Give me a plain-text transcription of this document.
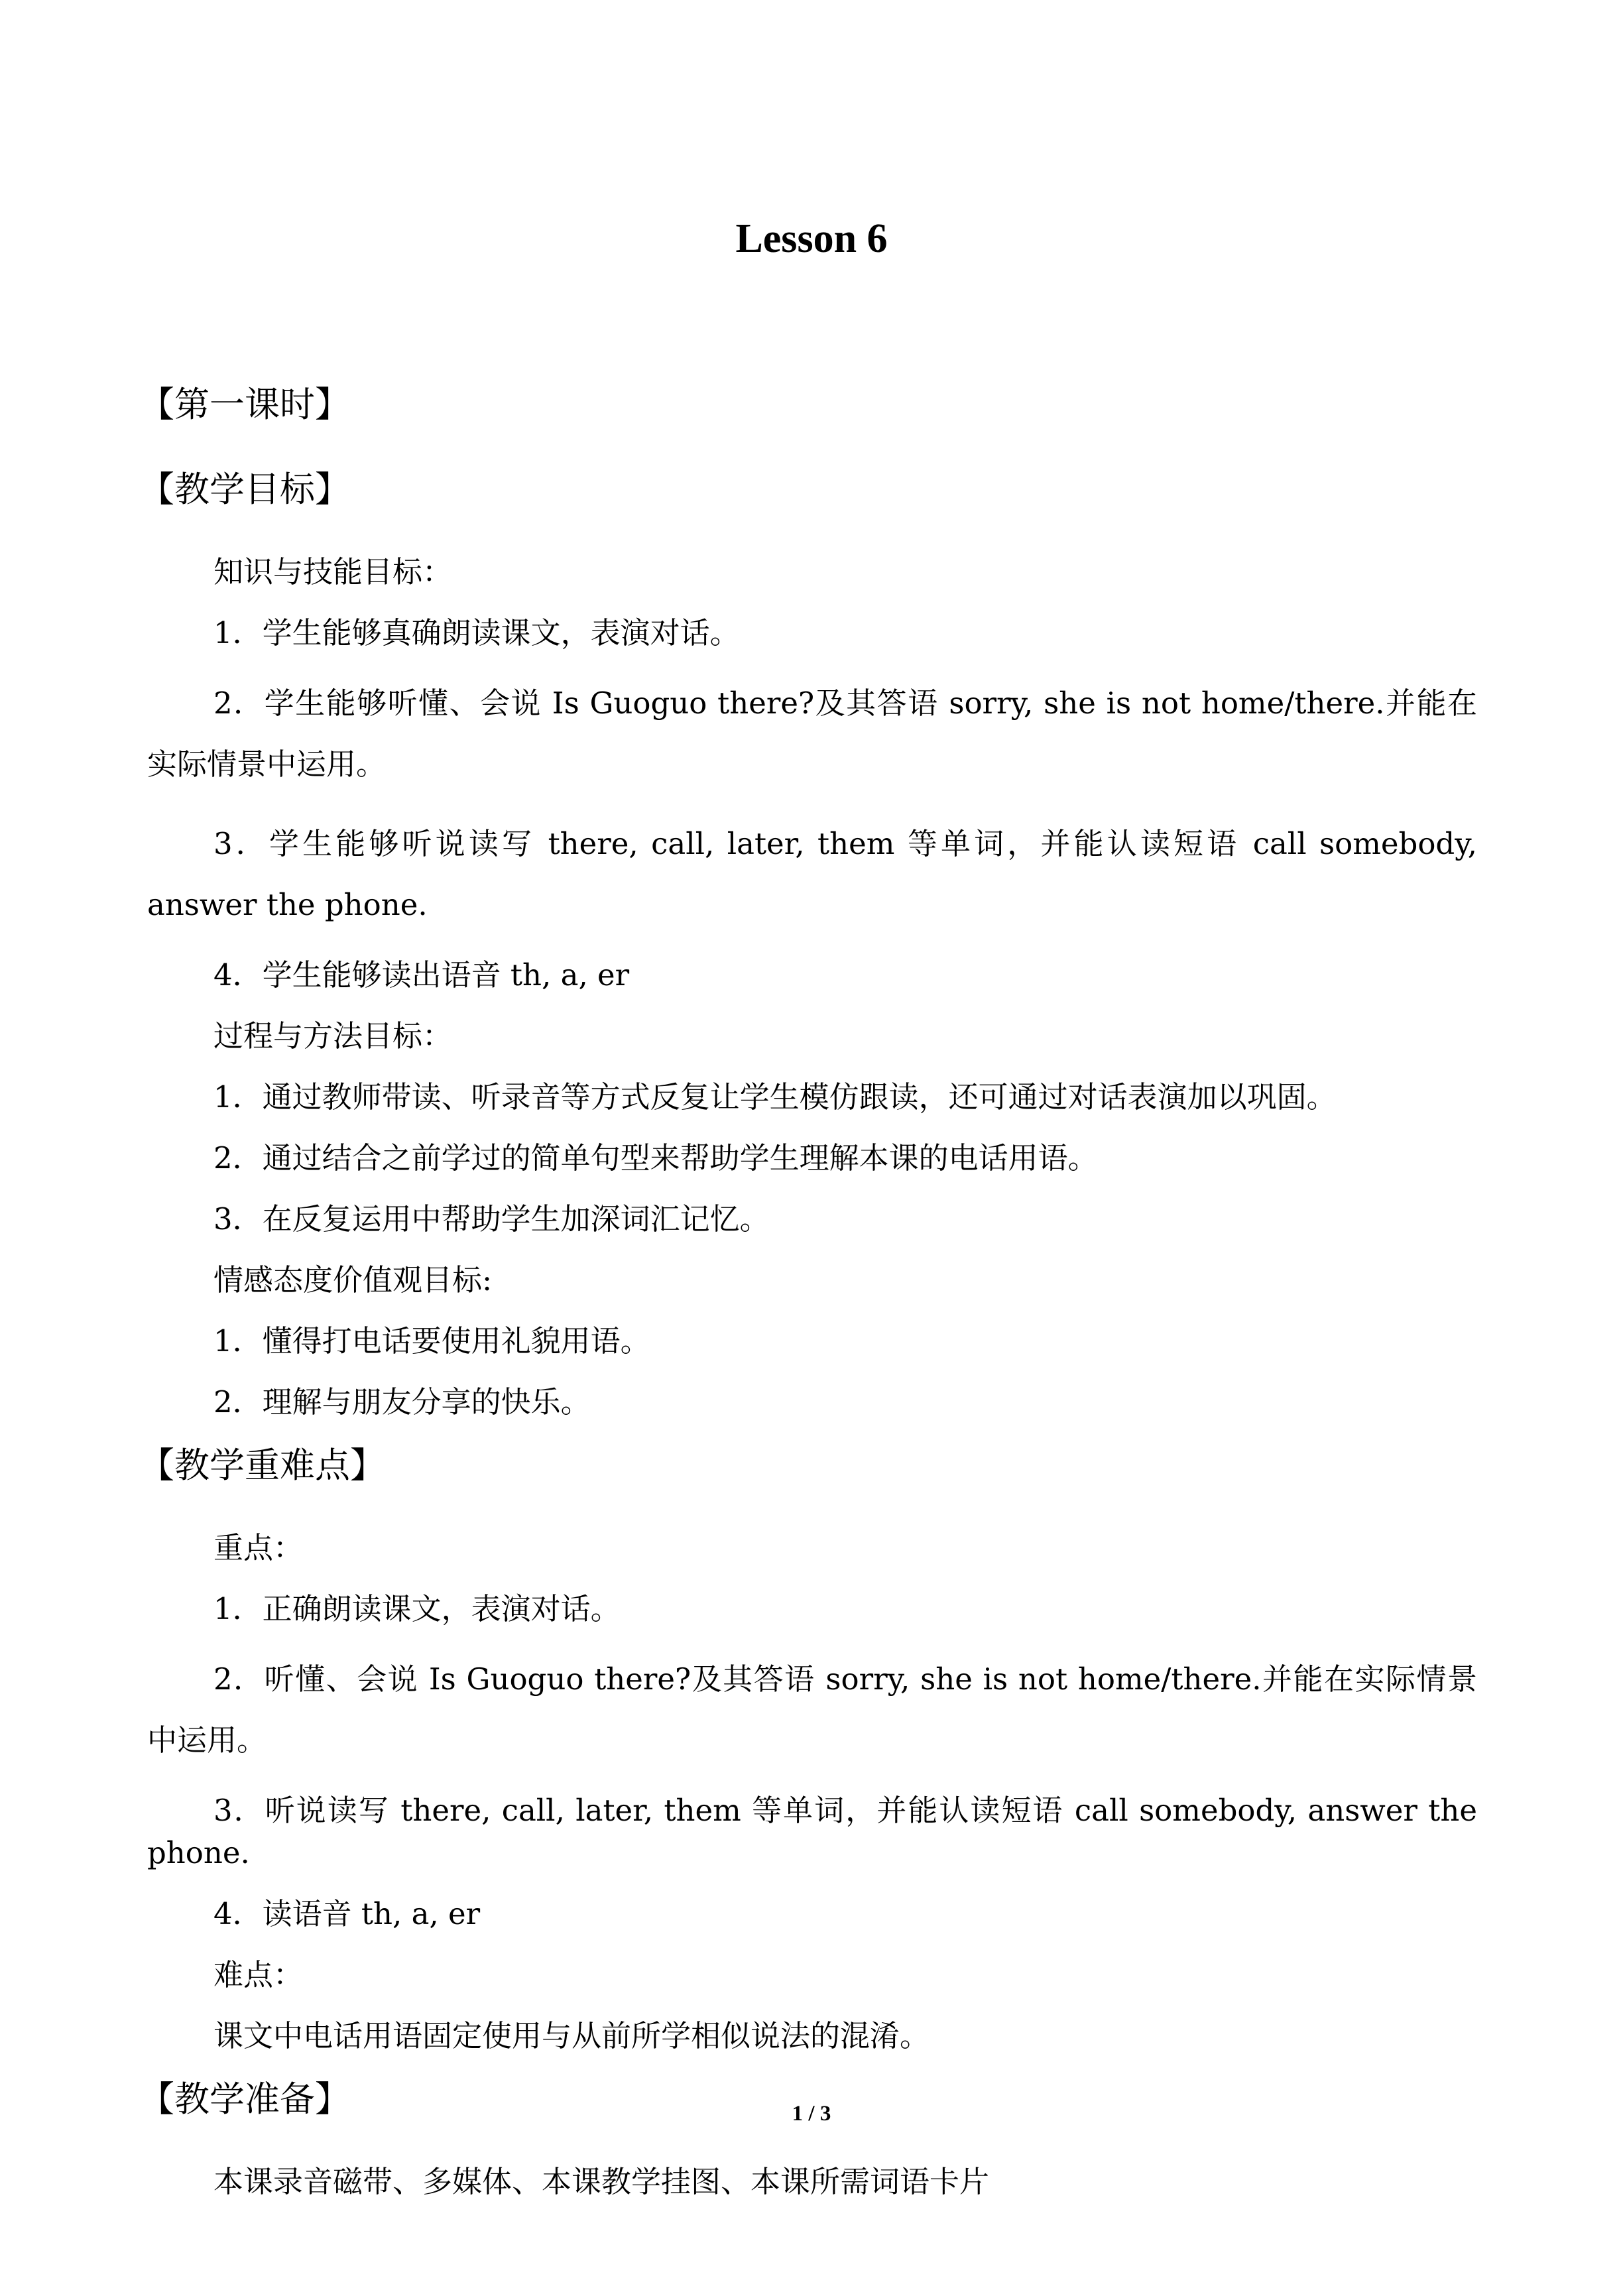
Lesson 6
【第一课时】
【教学目标】

知识与技能目标：

1．学生能够真确朗读课文，表演对话。

2．学生能够听懂、会说 Is Guoguo there?及其答语 sorry, she is not home/there.并能在实际情景中运用。

3．学生能够听说读写 there, call, later, them 等单词，并能认读短语 call somebody, answer the phone.

4．学生能够读出语音 th, a, er

过程与方法目标：

1．通过教师带读、听录音等方式反复让学生模仿跟读，还可通过对话表演加以巩固。

2．通过结合之前学过的简单句型来帮助学生理解本课的电话用语。

3．在反复运用中帮助学生加深词汇记忆。

情感态度价值观目标:

1．懂得打电话要使用礼貌用语。

2．理解与朋友分享的快乐。

【教学重难点】

重点：

1．正确朗读课文，表演对话。

2．听懂、会说 Is Guoguo there?及其答语 sorry, she is not home/there.并能在实际情景中运用。

3．听说读写 there, call, later, them 等单词，并能认读短语 call somebody, answer the phone.

4．读语音 th, a, er

难点：

课文中电话用语固定使用与从前所学相似说法的混淆。

【教学准备】

本课录音磁带、多媒体、本课教学挂图、本课所需词语卡片

1 / 3
